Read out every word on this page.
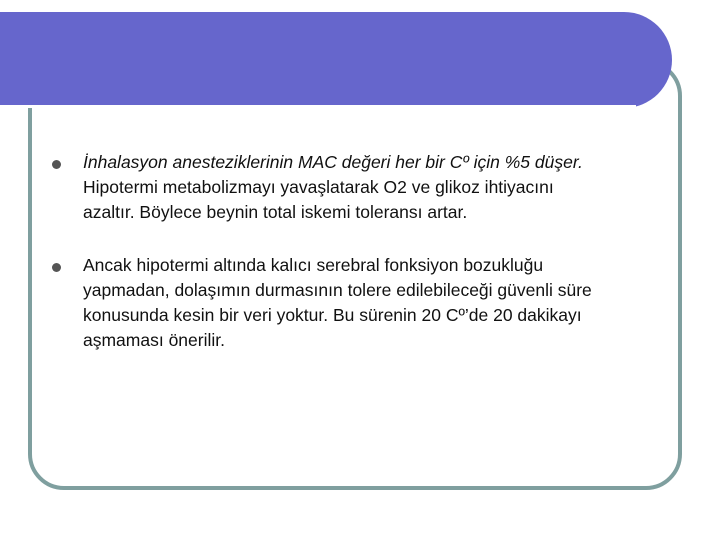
İnhalasyon anesteziklerinin MAC değeri her bir Cº için %5 düşer.
Hipotermi metabolizmayı yavaşlatarak O2 ve glikoz ihtiyacını
azaltır. Böylece beynin total iskemi toleransı artar.
Ancak hipotermi altında kalıcı serebral fonksiyon bozukluğu
yapmadan, dolaşımın durmasının tolere edilebileceği güvenli süre
konusunda kesin bir veri yoktur. Bu sürenin 20 Cº’de 20 dakikayı
aşmaması önerilir.
